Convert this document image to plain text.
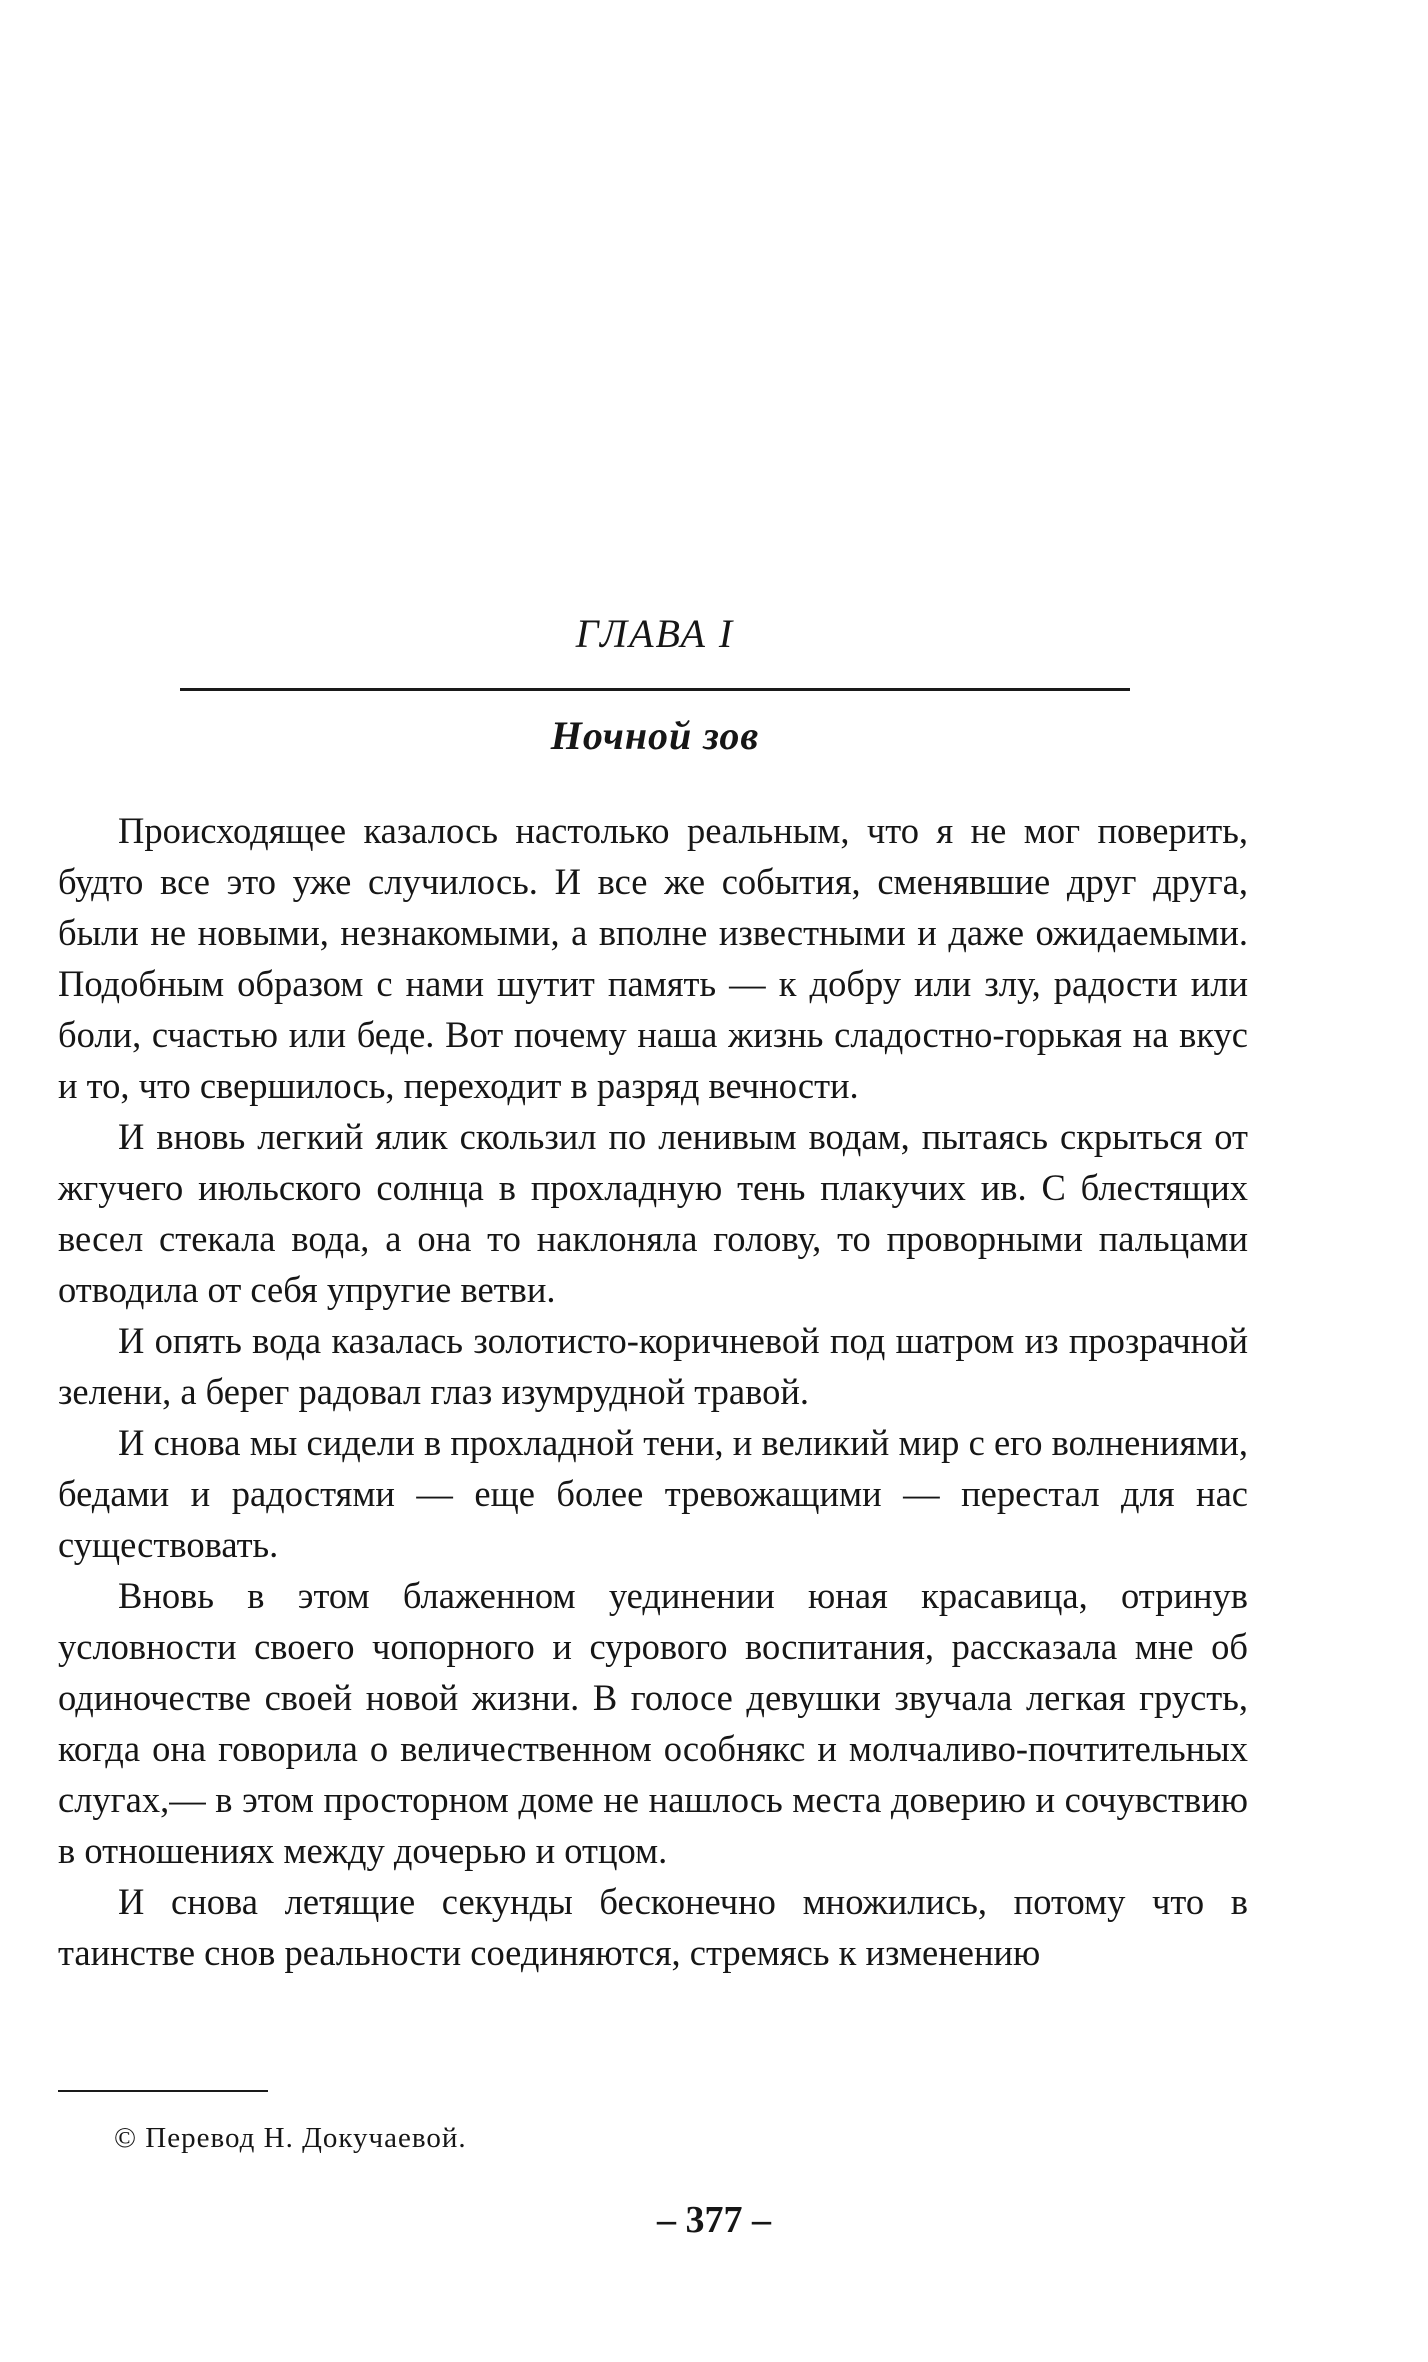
ГЛАВА I
Ночной зов

Происходящее казалось настолько реальным, что я не мог поверить, будто все это уже случилось. И все же события, сменявшие друг друга, были не новыми, незнакомыми, а вполне известными и даже ожидаемыми. Подобным образом с нами шутит память — к добру или злу, радости или боли, счастью или беде. Вот почему наша жизнь сладостно-горькая на вкус и то, что свершилось, переходит в разряд вечности.

И вновь легкий ялик скользил по ленивым водам, пытаясь скрыться от жгучего июльского солнца в прохладную тень плакучих ив. С блестящих весел стекала вода, а она то наклоняла голову, то проворными пальцами отводила от себя упругие ветви.

И опять вода казалась золотисто-коричневой под шатром из прозрачной зелени, а берег радовал глаз изумрудной травой.

И снова мы сидели в прохладной тени, и великий мир с его волнениями, бедами и радостями — еще более тревожащими — перестал для нас существовать.

Вновь в этом блаженном уединении юная красавица, отринув условности своего чопорного и сурового воспитания, рассказала мне об одиночестве своей новой жизни. В голосе девушки звучала легкая грусть, когда она говорила о величественном особнякс и молчаливо-почтительных слугах,— в этом просторном доме не нашлось места доверию и сочувствию в отношениях между дочерью и отцом.

И снова летящие секунды бесконечно множились, потому что в таинстве снов реальности соединяются, стремясь к изменению

© Перевод Н. Докучаевой.
– 377 –
